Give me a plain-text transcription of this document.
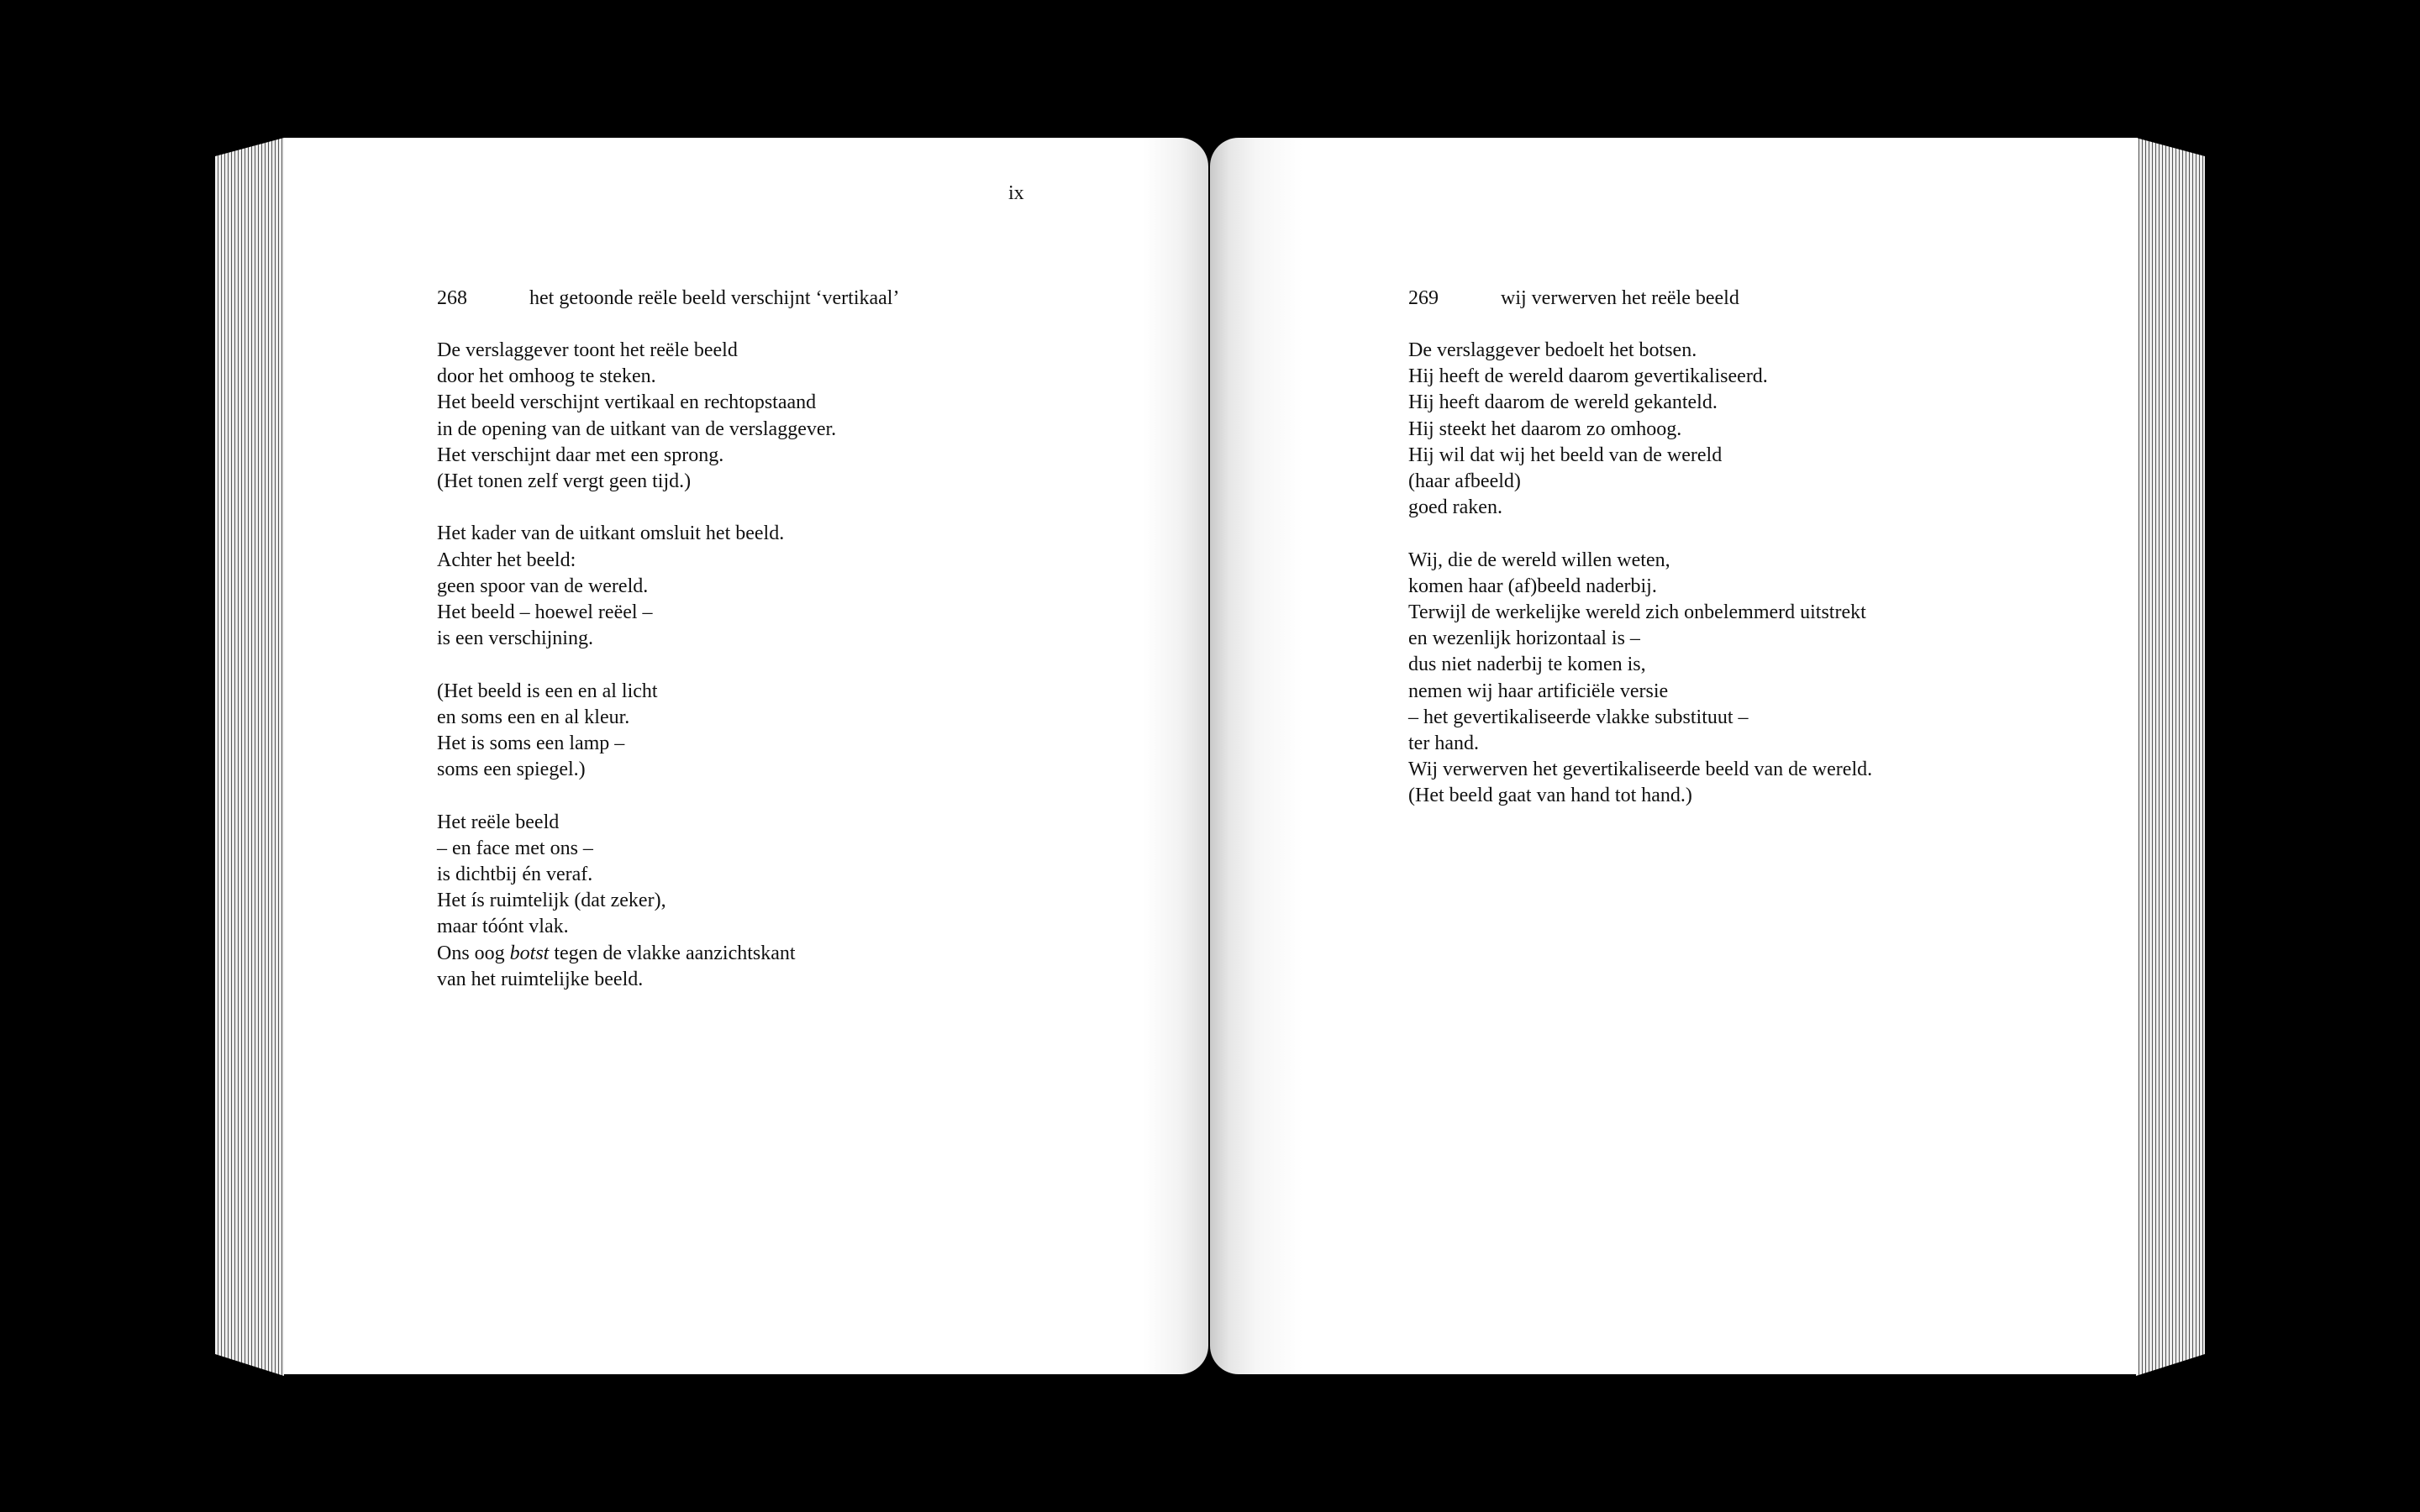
ix
268	het getoonde reële beeld verschijnt ‘vertikaal’
De verslaggever toont het reële beeld
door het omhoog te steken.
Het beeld verschijnt vertikaal en rechtopstaand
in de opening van de uitkant van de verslaggever.
Het verschijnt daar met een sprong.
(Het tonen zelf vergt geen tijd.)
Het kader van de uitkant omsluit het beeld.
Achter het beeld:
geen spoor van de wereld.
Het beeld – hoewel reëel –
is een verschijning.
(Het beeld is een en al licht
en soms een en al kleur.
Het is soms een lamp –
soms een spiegel.)
Het reële beeld
– en face met ons –
is dichtbij én veraf.
Het ís ruimtelijk (dat zeker),
maar tóónt vlak.
Ons oog botst tegen de vlakke aanzichtskant
van het ruimtelijke beeld.
269	wij verwerven het reële beeld
De verslaggever bedoelt het botsen.
Hij heeft de wereld daarom gevertikaliseerd.
Hij heeft daarom de wereld gekanteld.
Hij steekt het daarom zo omhoog.
Hij wil dat wij het beeld van de wereld
(haar afbeeld)
goed raken.
Wij, die de wereld willen weten,
komen haar (af)beeld naderbij.
Terwijl de werkelijke wereld zich onbelemmerd uitstrekt
en wezenlijk horizontaal is –
dus niet naderbij te komen is,
nemen wij haar artificiële versie
– het gevertikaliseerde vlakke substituut –
ter hand.
Wij verwerven het gevertikaliseerde beeld van de wereld.
(Het beeld gaat van hand tot hand.)
